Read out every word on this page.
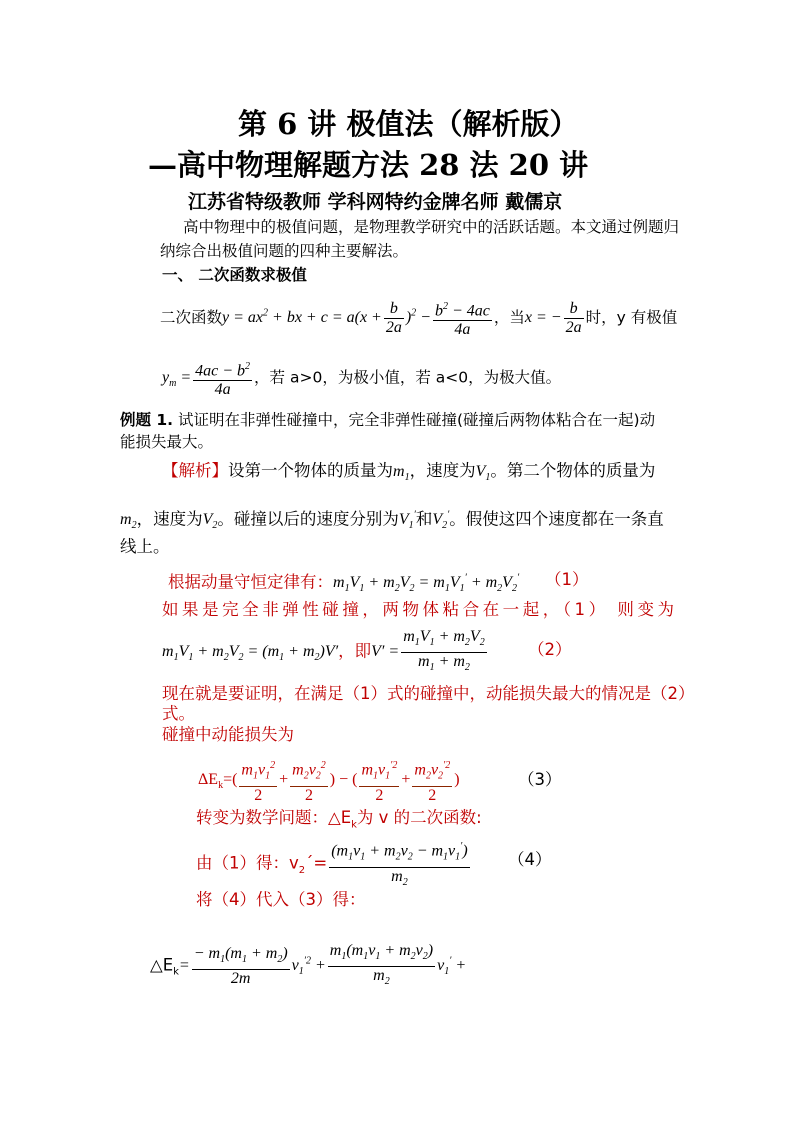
第 6 讲 极值法（解析版）
—高中物理解题方法 28 法 20 讲
江苏省特级教师 学科网特约金牌名师 戴儒京
高中物理中的极值问题，是物理教学研究中的活跃话题。本文通过例题归
纳综合出极值问题的四种主要解法。
一、 二次函数求极值
二次函数$y = ax^2$ + bx + $c = a(x + \frac{b}{2a} )^2 - \frac{b^2 - 4ac}{4a}$ ，当x = − $\frac{b}{2a}$ 时，y 有极值
$y_m = \frac{4ac - b^2}{4a}$ ，若 a>0，为极小值，若 a<0，为极大值。
例题 1. 试证明在非弹性碰撞中，完全非弹性碰撞(碰撞后两物体粘合在一起)动
能损失最大。
【解析】设第一个物体的质量为$m_1$，速度为$V_1$。第二个物体的质量为
$m_2$，速度为$V_2$。碰撞以后的速度分别为$V_1'$和$V_2'$。假使这四个速度都在一条直
线上。
根据动量守恒定律有：$m_1V_1 + m_2V_2 = m_1V_1' + m_2V_2'$ （1）
如果是完全非弹性碰撞，两物体粘合在一起，（1） 则变为
$m_1V_1 + m_2V_2 = (m_1 + m_2)V'$，即$V' = \frac{m_1V_1 + m_2V_2}{m_1 + m_2}$	（2）
现在就是要证明，在满足（1）式的碰撞中，动能损失最大的情况是（2）
式。
碰撞中动能损失为
$\Delta E_k=( \frac{m_1v_1^2}{2} + \frac{m_2v_2^2}{2}$ ) − ( $\frac{m_1v_1^{'2}}{2} + \frac{m_2v_2^{'2}}{2}$ )	（3）
转变为数学问题：$\triangle E_k$为 v 的二次函数:
由（1）得：$v_2´= \frac{(m_1v_1 + m_2v_2 - m_1v_1')}{m_2} (4)$
将（4）代入（3）得：
$\triangle E_k= \frac{- m_1(m_1 + m_2)}{2m} v_1^{'2} + \frac{m_1(m_1v_1 + m_2v_2)}{m_2} v_1'$ +
